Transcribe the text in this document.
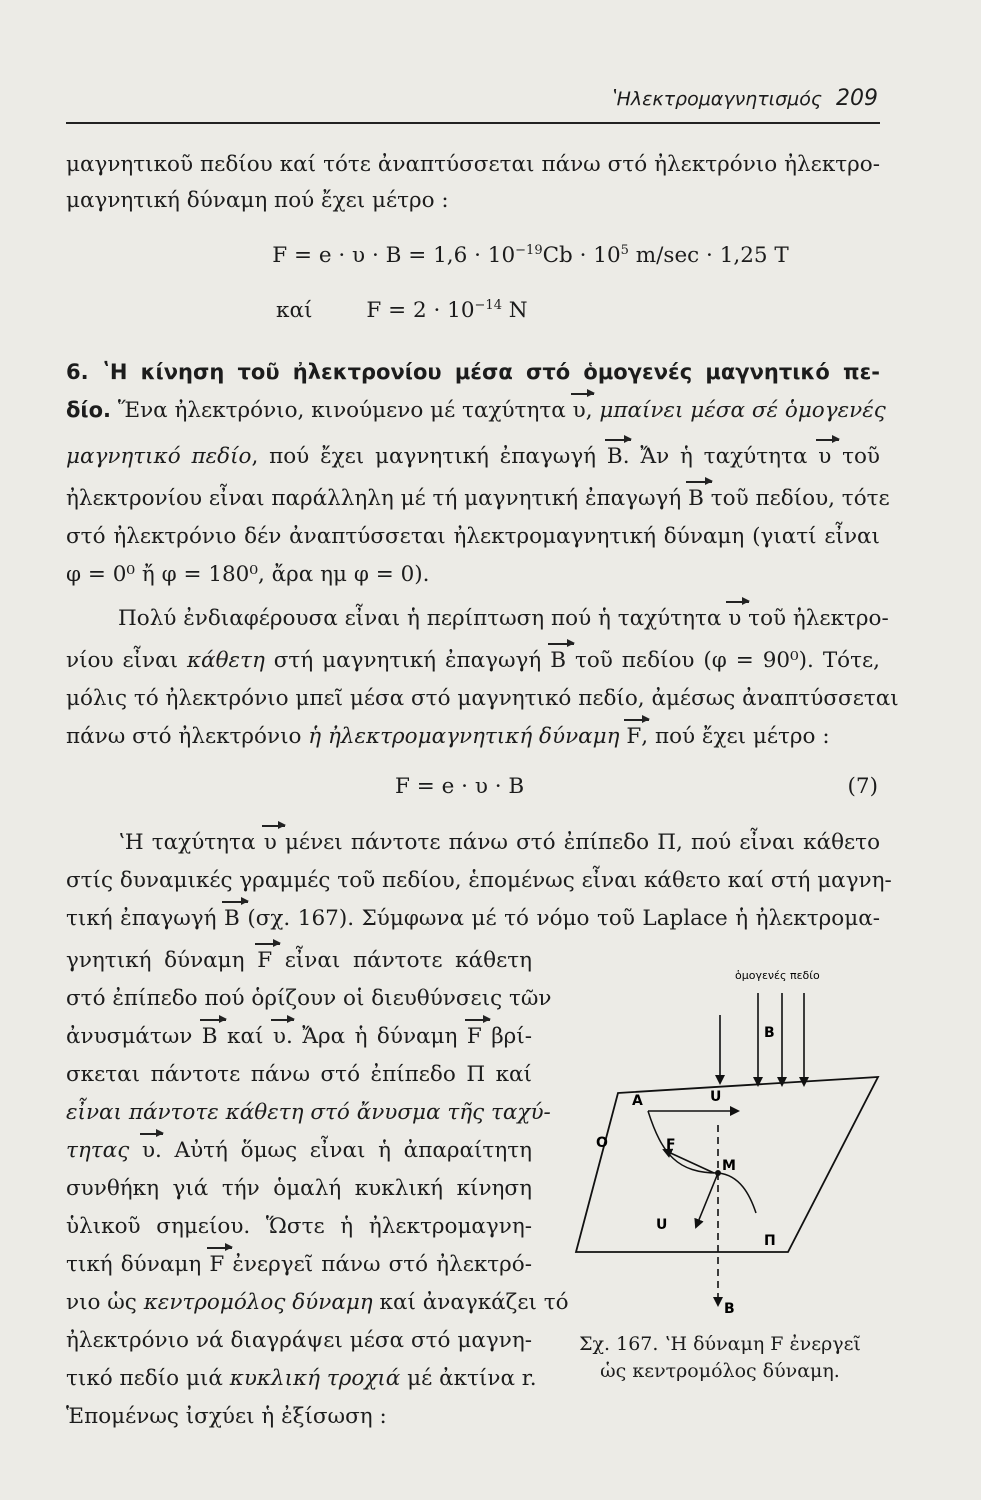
ʽΗλεκτρομαγνητισμός 209
μαγνητικοῦ πεδίου καί τότε ἀναπτύσσεται πάνω στό ἠλεκτρόνιο ἠλεκτρο-
μαγνητική δύναμη πού ἔχει μέτρο :
$F = e \cdot \upsilon \cdot B = 1,6 \cdot 10^{-19}Cb \cdot 10^5$ m/sec · 1,25 T
καί	$F = 2 \cdot 10^{-14}$ N
6. ʽΗ κίνηση τοῦ ἠλεκτρονίου μέσα στό ὁμογενές μαγνητικό πε-
δίο. Ἕνα ἠλεκτρόνιο, κινούμενο μέ ταχύτητα υ, μπαίνει μέσα σέ ὁμογενές
μαγνητικό πεδίο, πού ἔχει μαγνητική ἐπαγωγή B. Ἄν ἡ ταχύτητα υ τοῦ
ἠλεκτρονίου εἶναι παράλληλη μέ τή μαγνητική ἐπαγωγή B τοῦ πεδίου, τότε
στό ἠλεκτρόνιο δέν ἀναπτύσσεται ἠλεκτρομαγνητική δύναμη (γιατί εἶναι
φ = 0⁰ ἤ φ = 180⁰, ἄρα ημ φ = 0).
Πολύ ἐνδιαφέρουσα εἶναι ἡ περίπτωση πού ἡ ταχύτητα υ τοῦ ἠλεκτρο-
νίου εἶναι κάθετη στή μαγνητική ἐπαγωγή B τοῦ πεδίου (φ = 90⁰). Τότε,
μόλις τό ἠλεκτρόνιο μπεῖ μέσα στό μαγνητικό πεδίο, ἀμέσως ἀναπτύσσεται
πάνω στό ἠλεκτρόνιο ἡ ἠλεκτρομαγνητική δύναμη F, πού ἔχει μέτρο :
F = e · υ · B	(7)
ʽΗ ταχύτητα υ μένει πάντοτε πάνω στό ἐπίπεδο Π, πού εἶναι κάθετο
στίς δυναμικές γραμμές τοῦ πεδίου, ἑπομένως εἶναι κάθετο καί στή μαγνη-
τική ἐπαγωγή B (σχ. 167). Σύμφωνα μέ τό νόμο τοῦ Laplace ἡ ἠλεκτρομα-
γνητική δύναμη F εἶναι πάντοτε κάθετη
στό ἐπίπεδο πού ὁρίζουν οἱ διευθύνσεις τῶν
ἀνυσμάτων B καί υ. Ἄρα ἡ δύναμη F βρί-
σκεται πάντοτε πάνω στό ἐπίπεδο Π καί
εἶναι πάντοτε κάθετη στό ἄνυσμα τῆς ταχύ-
τητας υ. Αὐτή ὅμως εἶναι ἡ ἀπαραίτητη
συνθήκη γιά τήν ὁμαλή κυκλική κίνηση
ὑλικοῦ σημείου. Ὥστε ἡ ἠλεκτρομαγνη-
τική δύναμη F ἐνεργεῖ πάνω στό ἠλεκτρό-
νιο ὡς κεντρομόλος δύναμη καί ἀναγκάζει τό
ἠλεκτρόνιο νά διαγράψει μέσα στό μαγνη-
τικό πεδίο μιά κυκλική τροχιά μέ ἀκτίνα r.
Ἑπομένως ἰσχύει ἡ ἐξίσωση :
ὁμογενές πεδίο
B
A	U
O	F
M
U
Π
B
Σχ. 167. ʽΗ δύναμη F ἐνεργεῖ
ὡς κεντρομόλος δύναμη.
